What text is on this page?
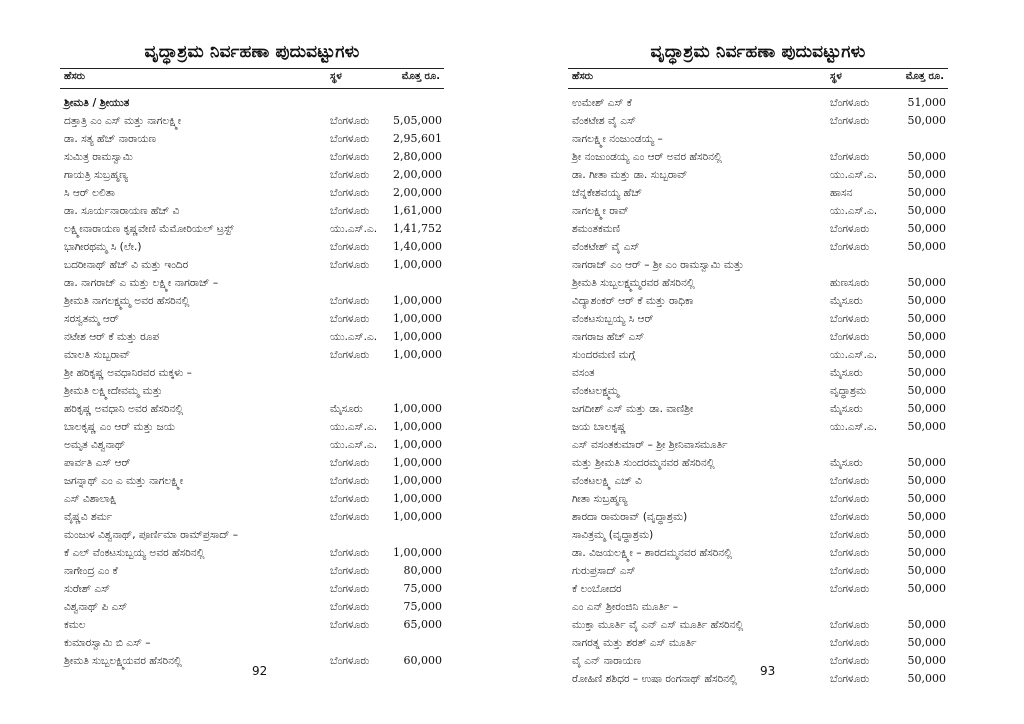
ವೃದ್ಧಾಶ್ರಮ ನಿರ್ವಹಣಾ ಪುದುವಟ್ಟುಗಳು
ಹೆಸರು	ಸ್ಥಳ	ಮೊತ್ತ ರೂ.
ಶ್ರೀಮತಿ / ಶ್ರೀಯುತ
ದತ್ತಾತ್ರಿ ಎಂ ಎಸ್ ಮತ್ತು ನಾಗಲಕ್ಷ್ಮೀ	ಬೆಂಗಳೂರು 5,05,000
ಡಾ. ಸತ್ಯ ಹೆಚ್ ನಾರಾಯಣ	ಬೆಂಗಳೂರು 2,95,601
ಸುಮಿತ್ರ ರಾಮಸ್ವಾಮಿ	ಬೆಂಗಳೂರು 2,80,000
ಗಾಯತ್ರಿ ಸುಬ್ರಹ್ಮಣ್ಯ	ಬೆಂಗಳೂರು 2,00,000
ಸಿ ಆರ್ ಲಲಿತಾ	ಬೆಂಗಳೂರು 2,00,000
ಡಾ. ಸೂರ್ಯನಾರಾಯಣ ಹೆಚ್ ವಿ	ಬೆಂಗಳೂರು 1,61,000
ಲಕ್ಷ್ಮೀನಾರಾಯಣ ಕೃಷ್ಣವೇಣಿ ಮೆಮೋರಿಯಲ್ ಟ್ರಸ್ಟ್	ಯು.ಎಸ್.ಎ. 1,41,752
ಭಾಗೀರಥಮ್ಮ ಸಿ (ಲೇ.)	ಬೆಂಗಳೂರು 1,40,000
ಬದರೀನಾಥ್ ಹೆಚ್ ವಿ ಮತ್ತು ಇಂದಿರ	ಬೆಂಗಳೂರು 1,00,000
ಡಾ. ನಾಗರಾಜ್ ಎ ಮತ್ತು ಲಕ್ಷ್ಮೀ ನಾಗರಾಜ್ –
ಶ್ರೀಮತಿ ನಾಗಲಕ್ಷ್ಮಮ್ಮ ಅವರ ಹೆಸರಿನಲ್ಲಿ	ಬೆಂಗಳೂರು 1,00,000
ಸರಸ್ವತಮ್ಮ ಆರ್	ಬೆಂಗಳೂರು 1,00,000
ನಟೇಶ ಆರ್ ಕೆ ಮತ್ತು ರೂಪ	ಯು.ಎಸ್.ಎ. 1,00,000
ಮಾಲತಿ ಸುಬ್ಬರಾವ್	ಬೆಂಗಳೂರು 1,00,000
ಶ್ರೀ ಹರಿಕೃಷ್ಣ ಅವಧಾನಿರವರ ಮಕ್ಕಳು –
ಶ್ರೀಮತಿ ಲಕ್ಷ್ಮೀದೇವಮ್ಮ ಮತ್ತು
ಹರಿಕೃಷ್ಣ ಅವಧಾನಿ ಅವರ ಹೆಸರಿನಲ್ಲಿ	ಮೈಸೂರು	1,00,000
ಬಾಲಕೃಷ್ಣ ಎಂ ಆರ್ ಮತ್ತು ಜಯ	ಯು.ಎಸ್.ಎ. 1,00,000
ಅಮೃತ ವಿಶ್ವನಾಥ್	ಯು.ಎಸ್.ಎ. 1,00,000
ಪಾರ್ವತಿ ಎಸ್ ಆರ್	ಬೆಂಗಳೂರು 1,00,000
ಜಗನ್ನಾಥ್ ಎಂ ಎ ಮತ್ತು ನಾಗಲಕ್ಷ್ಮೀ	ಬೆಂಗಳೂರು 1,00,000
ಎಸ್ ವಿಶಾಲಾಕ್ಷಿ	ಬೆಂಗಳೂರು 1,00,000
ವೈಷ್ಣವಿ ಶರ್ಮ	ಬೆಂಗಳೂರು 1,00,000
ಮಂಜುಳ ವಿಶ್ವನಾಥ್, ಪೂರ್ಣಿಮಾ ರಾಮ್‌ಪ್ರಸಾದ್ –
ಕೆ ಎಲ್ ವೆಂಕಟಸುಬ್ಬಯ್ಯ ಅವರ ಹೆಸರಿನಲ್ಲಿ	ಬೆಂಗಳೂರು 1,00,000
ನಾಗೇಂದ್ರ ಎಂ ಕೆ	ಬೆಂಗಳೂರು	80,000
ಸುರೇಶ್ ಎಸ್	ಬೆಂಗಳೂರು	75,000
ವಿಶ್ವನಾಥ್ ಪಿ ಎಸ್	ಬೆಂಗಳೂರು	75,000
ಕಮಲ	ಬೆಂಗಳೂರು	65,000
ಕುಮಾರಸ್ವಾಮಿ ಬಿ ಎಸ್ –
ಶ್ರೀಮತಿ ಸುಬ್ಬಲಕ್ಷ್ಮಿಯವರ ಹೆಸರಿನಲ್ಲಿ	ಬೆಂಗಳೂರು	60,000
92
ವೃದ್ಧಾಶ್ರಮ ನಿರ್ವಹಣಾ ಪುದುವಟ್ಟುಗಳು
ಹೆಸರು	ಸ್ಥಳ	ಮೊತ್ತ ರೂ.
ಉಮೇಶ್ ಎಸ್ ಕೆ	ಬೆಂಗಳೂರು	51,000
ವೆಂಕಟೇಶ ವೈ ಎಸ್	ಬೆಂಗಳೂರು	50,000
ನಾಗಲಕ್ಷ್ಮೀ ನಂಜುಂಡಯ್ಯ –
ಶ್ರೀ ನಂಜುಂಡಯ್ಯ ಎಂ ಆರ್ ಅವರ ಹೆಸರಿನಲ್ಲಿ	ಬೆಂಗಳೂರು	50,000
ಡಾ. ಗೀತಾ ಮತ್ತು ಡಾ. ಸುಬ್ಬರಾವ್	ಯು.ಎಸ್.ಎ.	50,000
ಚೆನ್ನಕೇಶವಯ್ಯ ಹೆಚ್	ಹಾಸನ	50,000
ನಾಗಲಕ್ಷ್ಮೀ ರಾವ್	ಯು.ಎಸ್.ಎ.	50,000
ಶಮಂತಕಮಣಿ	ಬೆಂಗಳೂರು	50,000
ವೆಂಕಟೇಶ್ ವೈ ಎಸ್	ಬೆಂಗಳೂರು	50,000
ನಾಗರಾಜ್ ಎಂ ಆರ್ – ಶ್ರೀ ಎಂ ರಾಮಸ್ವಾಮಿ ಮತ್ತು
ಶ್ರೀಮತಿ ಸುಬ್ಬಲಕ್ಷ್ಮಮ್ಮರವರ ಹೆಸರಿನಲ್ಲಿ	ಹುಣಸೂರು	50,000
ವಿದ್ಯಾಶಂಕರ್ ಆರ್ ಕೆ ಮತ್ತು ರಾಧಿಕಾ	ಮೈಸೂರು	50,000
ವೆಂಕಟಸುಬ್ಬಯ್ಯ ಸಿ ಆರ್	ಬೆಂಗಳೂರು	50,000
ನಾಗರಾಜ ಹೆಚ್ ಎಸ್	ಬೆಂಗಳೂರು	50,000
ಸುಂದರಮಣಿ ಮಗ್ಗೆ	ಯು.ಎಸ್.ಎ.	50,000
ವಸಂತ	ಮೈಸೂರು	50,000
ವೆಂಕಟಲಕ್ಷ್ಮಮ್ಮ	ವೃದ್ಧಾಶ್ರಮ	50,000
ಜಗದೀಶ್ ಎಸ್ ಮತ್ತು ಡಾ. ವಾಣಿಶ್ರೀ	ಮೈಸೂರು	50,000
ಜಯ ಬಾಲಕೃಷ್ಣ	ಯು.ಎಸ್.ಎ.	50,000
ಎಸ್ ವಸಂತಕುಮಾರ್ – ಶ್ರೀ ಶ್ರೀನಿವಾಸಮೂರ್ತಿ
ಮತ್ತು ಶ್ರೀಮತಿ ಸುಂದರಮ್ಮನವರ ಹೆಸರಿನಲ್ಲಿ	ಮೈಸೂರು	50,000
ವೆಂಕಟಲಕ್ಷ್ಮಿ ಎಚ್ ವಿ	ಬೆಂಗಳೂರು	50,000
ಗೀತಾ ಸುಬ್ರಹ್ಮಣ್ಯ	ಬೆಂಗಳೂರು	50,000
ಶಾರದಾ ರಾಮರಾವ್ (ವೃದ್ಧಾಶ್ರಮ)	ಬೆಂಗಳೂರು	50,000
ಸಾವಿತ್ರಮ್ಮ (ವೃದ್ಧಾಶ್ರಮ)	ಬೆಂಗಳೂರು	50,000
ಡಾ. ವಿಜಯಲಕ್ಷ್ಮೀ – ಶಾರದಮ್ಮನವರ ಹೆಸರಿನಲ್ಲಿ	ಬೆಂಗಳೂರು	50,000
ಗುರುಪ್ರಸಾದ್ ಎಸ್	ಬೆಂಗಳೂರು	50,000
ಕೆ ಲಂಬೋದರ	ಬೆಂಗಳೂರು	50,000
ಎಂ ಎನ್ ಶ್ರೀರಂಜಿನಿ ಮೂರ್ತಿ –
ಮುಕ್ತಾ ಮೂರ್ತಿ ವೈ ಎನ್ ಎಸ್ ಮೂರ್ತಿ ಹೆಸರಿನಲ್ಲಿ	ಬೆಂಗಳೂರು	50,000
ನಾಗರತ್ನ ಮತ್ತು ಶರತ್ ಎಸ್ ಮೂರ್ತಿ	ಬೆಂಗಳೂರು	50,000
ವೈ ಎನ್ ನಾರಾಯಣ	ಬೆಂಗಳೂರು	50,000
ರೋಹಿಣಿ ಶಶಿಧರ – ಉಷಾ ರಂಗನಾಥ್ ಹೆಸರಿನಲ್ಲಿ	ಬೆಂಗಳೂರು	50,000
93
